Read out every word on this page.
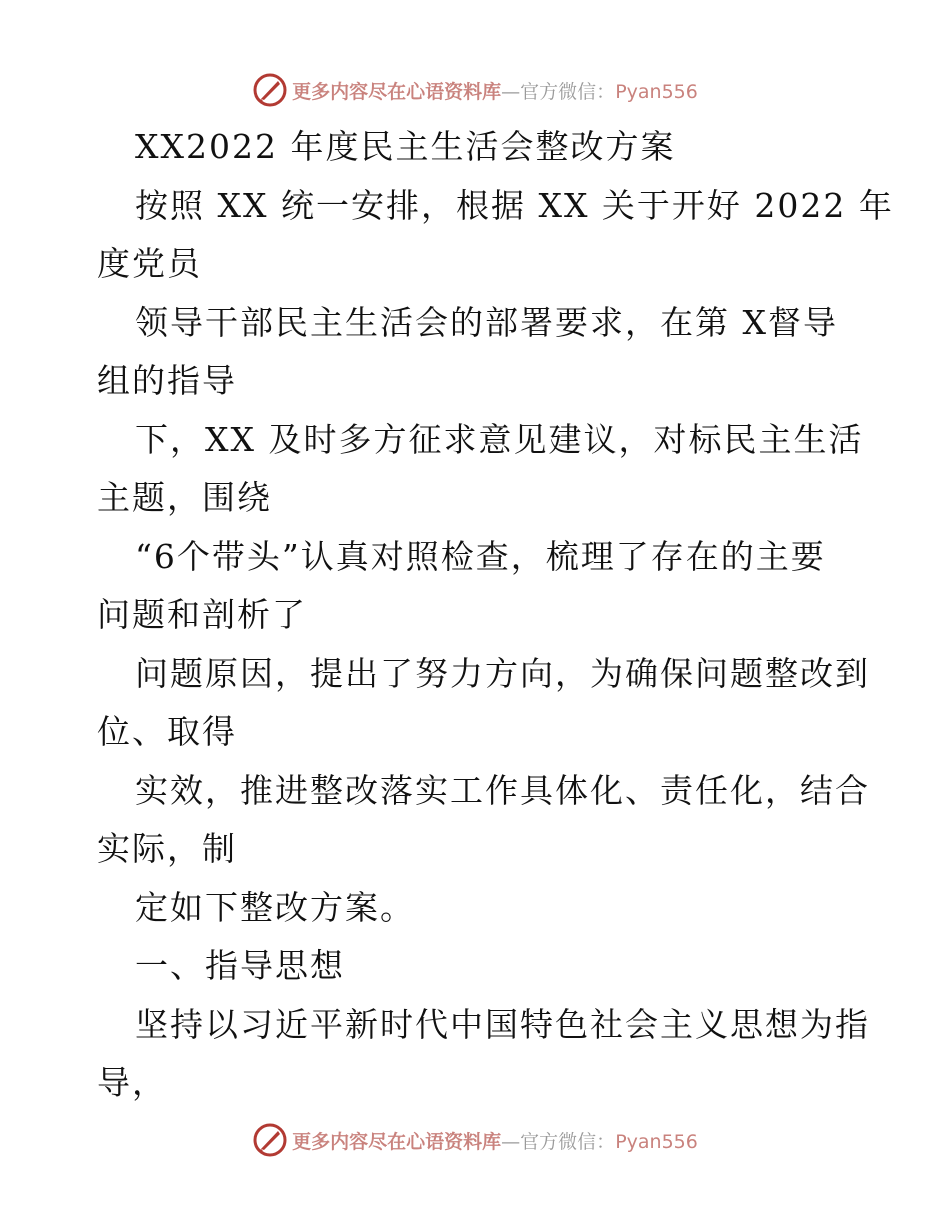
更多内容尽在心语资料库—官方微信：Pyan556
XX2022 年度民主生活会整改方案
按照 XX 统一安排，根据 XX 关于开好 2022 年
度党员
领导干部民主生活会的部署要求，在第 X督导
组的指导
下，XX 及时多方征求意见建议，对标民主生活
主题，围绕
“6个带头”认真对照检查，梳理了存在的主要
问题和剖析了
问题原因，提出了努力方向，为确保问题整改到
位、取得
实效，推进整改落实工作具体化、责任化，结合
实际，制
定如下整改方案。
一、指导思想
坚持以习近平新时代中国特色社会主义思想为指
导，
更多内容尽在心语资料库—官方微信：Pyan556
